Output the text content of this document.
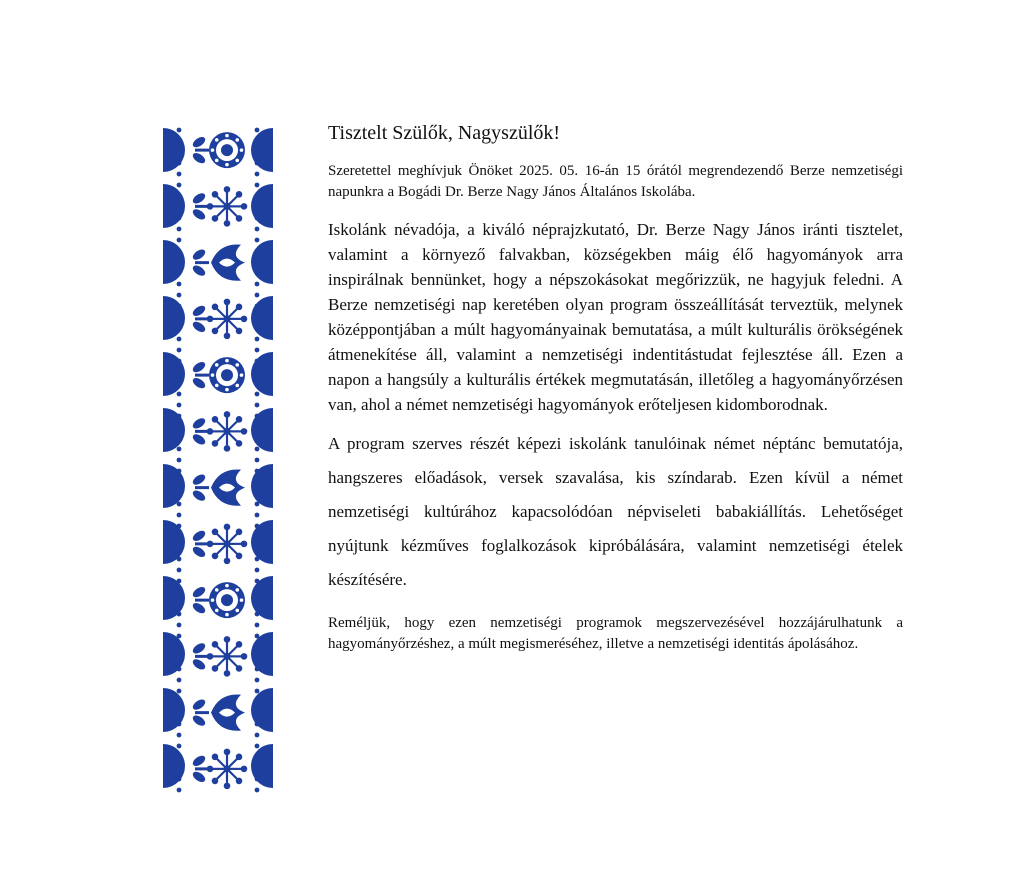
Tisztelt Szülők, Nagyszülők!

Szeretettel meghívjuk Önöket 2025. 05. 16-án 15 órától megrendezendő Berze nemzetiségi napunkra a Bogádi Dr. Berze Nagy János Általános Iskolába.

Iskolánk névadója, a kiváló néprajzkutató, Dr. Berze Nagy János iránti tisztelet, valamint a környező falvakban, községekben máig élő hagyományok arra inspirálnak bennünket, hogy a népszokásokat megőrizzük, ne hagyjuk feledni. A Berze nemzetiségi nap keretében olyan program összeállítását terveztük, melynek középpontjában a múlt hagyományainak bemutatása, a múlt kulturális örökségének átmenekítése áll, valamint a nemzetiségi indentitástudat fejlesztése áll. Ezen a napon a hangsúly a kulturális értékek megmutatásán, illetőleg a hagyományőrzésen van, ahol a német nemzetiségi hagyományok erőteljesen kidomborodnak.

A program szerves részét képezi iskolánk tanulóinak német néptánc bemutatója, hangszeres előadások, versek szavalása, kis színdarab. Ezen kívül a német nemzetiségi kultúrához kapacsolódóan népviseleti babakiállítás. Lehetőséget nyújtunk kézműves foglalkozások kipróbálására, valamint nemzetiségi ételek készítésére.

Reméljük, hogy ezen nemzetiségi programok megszervezésével hozzájárulhatunk a hagyományőrzéshez, a múlt megismeréséhez, illetve a nemzetiségi identitás ápolásához.
